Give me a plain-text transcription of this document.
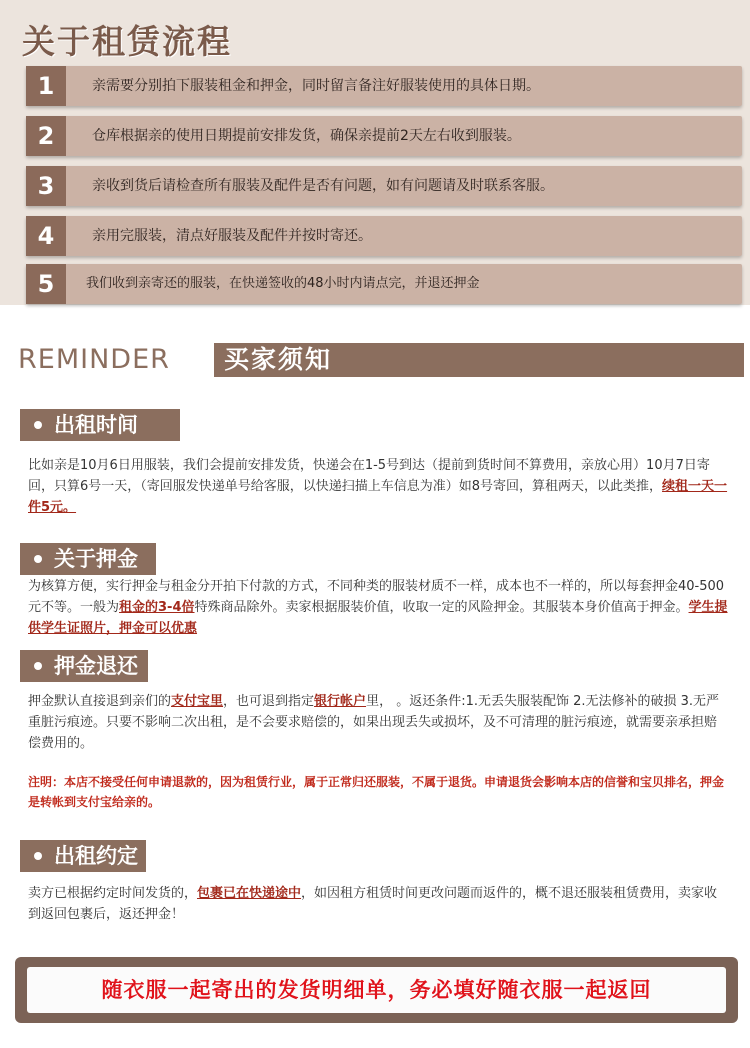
关于租赁流程
1	亲需要分别拍下服装租金和押金，同时留言备注好服装使用的具体日期。
2	仓库根据亲的使用日期提前安排发货，确保亲提前2天左右收到服装。
3	亲收到货后请检查所有服装及配件是否有问题，如有问题请及时联系客服。
4	亲用完服装，清点好服装及配件并按时寄还。
5	我们收到亲寄还的服装，在快递签收的48小时内请点完，并退还押金
REMINDER	买家须知
出租时间
比如亲是10月6日用服装，我们会提前安排发货，快递会在1-5号到达（提前到货时间不算费用，亲放心用）10月7日寄回，只算6号一天，（寄回服发快递单号给客服，以快递扫描上车信息为准）如8号寄回，算租两天，以此类推，续租一天一件5元。
关于押金
为核算方便，实行押金与租金分开拍下付款的方式，不同种类的服装材质不一样，成本也不一样的，所以每套押金40-500元不等。一般为租金的3-4倍特殊商品除外。卖家根据服装价值，收取一定的风险押金。其服装本身价值高于押金。学生提供学生证照片，押金可以优惠
押金退还
押金默认直接退到亲们的支付宝里，也可退到指定银行帐户里， 。返还条件:1.无丢失服装配饰 2.无法修补的破损 3.无严重脏污痕迹。只要不影响二次出租，是不会要求赔偿的，如果出现丢失或损坏，及不可清理的脏污痕迹，就需要亲承担赔偿费用的。
注明：本店不接受任何申请退款的，因为租赁行业，属于正常归还服装，不属于退货。申请退货会影响本店的信誉和宝贝排名，押金是转帐到支付宝给亲的。
出租约定
卖方已根据约定时间发货的，包裹已在快递途中，如因租方租赁时间更改问题而返件的，概不退还服装租赁费用，卖家收到返回包裹后，返还押金！
随衣服一起寄出的发货明细单，务必填好随衣服一起返回
